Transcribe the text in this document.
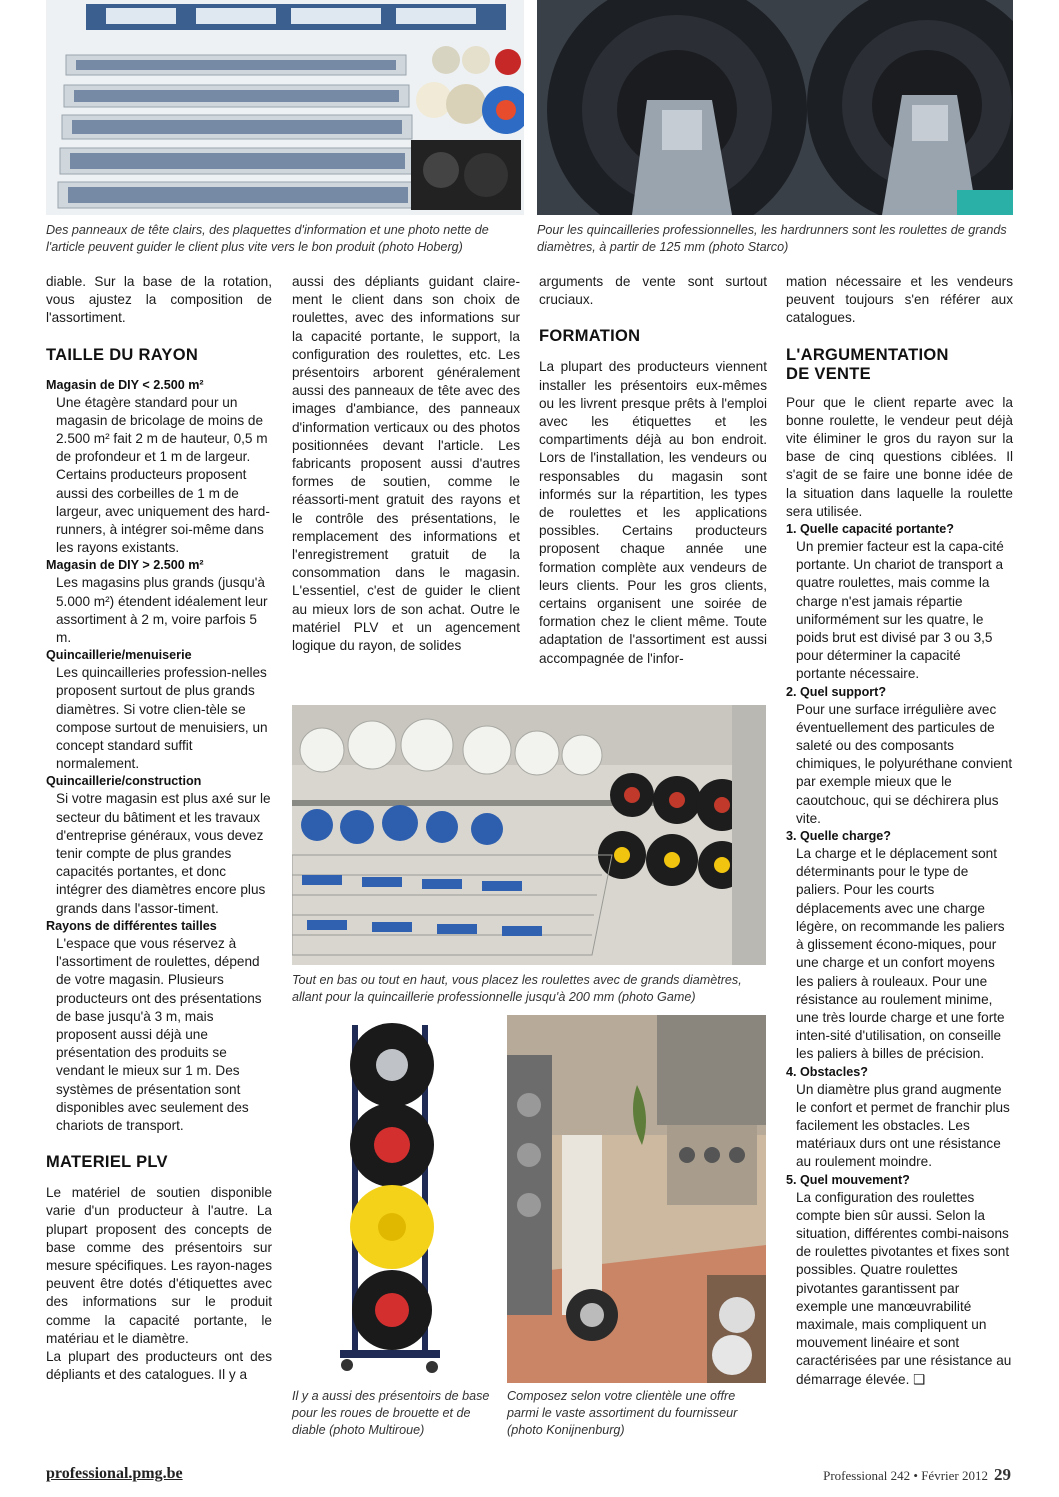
Des panneaux de tête clairs, des plaquettes d'information et une photo nette de l'article peuvent guider le client plus vite vers le bon produit (photo Hoberg)

Pour les quincailleries professionnelles, les hardrunners sont les roulettes de grands diamètres, à partir de 125 mm (photo Starco)

diable. Sur la base de la rotation, vous ajustez la composition de l'assortiment.

TAILLE DU RAYON
Magasin de DIY < 2.500 m²

Une étagère standard pour un magasin de bricolage de moins de 2.500 m² fait 2 m de hauteur, 0,5 m de profondeur et 1 m de largeur. Certains producteurs proposent aussi des corbeilles de 1 m de largeur, avec uniquement des hard-runners, à intégrer soi-même dans les rayons existants.

Magasin de DIY > 2.500 m²

Les magasins plus grands (jusqu'à 5.000 m²) étendent idéalement leur assortiment à 2 m, voire parfois 5 m.

Quincaillerie/menuiserie

Les quincailleries profession-nelles proposent surtout de plus grands diamètres. Si votre clien-tèle se compose surtout de menuisiers, un concept standard suffit normalement.

Quincaillerie/construction

Si votre magasin est plus axé sur le secteur du bâtiment et les travaux d'entreprise généraux, vous devez tenir compte de plus grandes capacités portantes, et donc intégrer des diamètres encore plus grands dans l'assor-timent.

Rayons de différentes tailles

L'espace que vous réservez à l'assortiment de roulettes, dépend de votre magasin. Plusieurs producteurs ont des présentations de base jusqu'à 3 m, mais proposent aussi déjà une présentation des produits se vendant le mieux sur 1 m. Des systèmes de présentation sont disponibles avec seulement des chariots de transport.

MATERIEL PLV

Le matériel de soutien disponible varie d'un producteur à l'autre. La plupart proposent des concepts de base comme des présentoirs sur mesure spécifiques. Les rayon-nages peuvent être dotés d'étiquettes avec des informations sur le produit comme la capacité portante, le matériau et le diamètre.

La plupart des producteurs ont des dépliants et des catalogues. Il y a

aussi des dépliants guidant claire-ment le client dans son choix de roulettes, avec des informations sur la capacité portante, le support, la configuration des roulettes, etc. Les présentoirs arborent généralement aussi des panneaux de tête avec des images d'ambiance, des panneaux d'information verticaux ou des photos positionnées devant l'article. Les fabricants proposent aussi d'autres formes de soutien, comme le réassorti-ment gratuit des rayons et le contrôle des présentations, le remplacement des informations et l'enregistrement gratuit de la consommation dans le magasin. L'essentiel, c'est de guider le client au mieux lors de son achat. Outre le matériel PLV et un agencement logique du rayon, de solides

arguments de vente sont surtout cruciaux.

FORMATION

La plupart des producteurs viennent installer les présentoirs eux-mêmes ou les livrent presque prêts à l'emploi avec les étiquettes et les compartiments déjà au bon endroit. Lors de l'installation, les vendeurs ou responsables du magasin sont informés sur la répartition, les types de roulettes et les applications possibles. Certains producteurs proposent chaque année une formation complète aux vendeurs de leurs clients. Pour les gros clients, certains organisent une soirée de formation chez le client même. Toute adaptation de l'assortiment est aussi accompagnée de l'infor-

mation nécessaire et les vendeurs peuvent toujours s'en référer aux catalogues.

L'ARGUMENTATION
DE VENTE

Pour que le client reparte avec la bonne roulette, le vendeur peut déjà vite éliminer le gros du rayon sur la base de cinq questions ciblées. Il s'agit de se faire une bonne idée de la situation dans laquelle la roulette sera utilisée.

1. Quelle capacité portante?

Un premier facteur est la capa-cité portante. Un chariot de transport a quatre roulettes, mais comme la charge n'est jamais répartie uniformément sur les quatre, le poids brut est divisé par 3 ou 3,5 pour déterminer la capacité portante nécessaire.

2. Quel support?

Pour une surface irrégulière avec éventuellement des particules de saleté ou des composants chimiques, le polyuréthane convient par exemple mieux que le caoutchouc, qui se déchirera plus vite.

3. Quelle charge?

La charge et le déplacement sont déterminants pour le type de paliers. Pour les courts déplacements avec une charge légère, on recommande les paliers à glissement écono-miques, pour une charge et un confort moyens les paliers à rouleaux. Pour une résistance au roulement minime, une très lourde charge et une forte inten-sité d'utilisation, on conseille les paliers à billes de précision.

4. Obstacles?

Un diamètre plus grand augmente le confort et permet de franchir plus facilement les obstacles. Les matériaux durs ont une résistance au roulement moindre.

5. Quel mouvement?

La configuration des roulettes compte bien sûr aussi. Selon la situation, différentes combi-naisons de roulettes pivotantes et fixes sont possibles. Quatre roulettes pivotantes garantissent par exemple une manœuvrabilité maximale, mais compliquent un mouvement linéaire et sont caractérisées par une résistance au démarrage élevée. ❑

Tout en bas ou tout en haut, vous placez les roulettes avec de grands diamètres, allant pour la quincaillerie professionnelle jusqu'à 200 mm (photo Game)

Il y a aussi des présentoirs de base pour les roues de brouette et de diable (photo Multiroue)

Composez selon votre clientèle une offre parmi le vaste assortiment du fournisseur (photo Konijnenburg)

professional.pmg.be	Professional 242 • Février 2012 29
